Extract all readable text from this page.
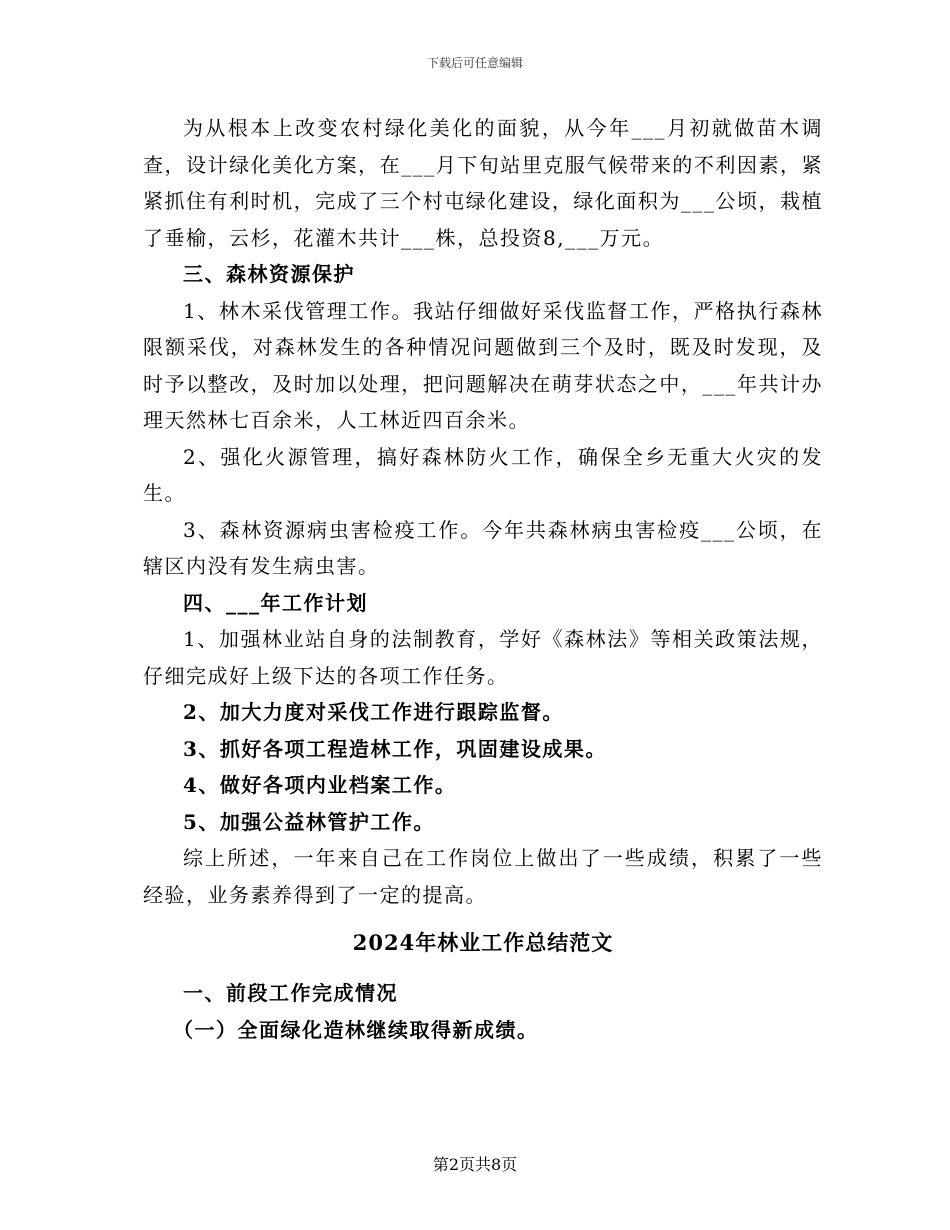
下载后可任意编辑

为从根本上改变农村绿化美化的面貌，从今年___月初就做苗木调查，设计绿化美化方案，在___月下旬站里克服气候带来的不利因素，紧紧抓住有利时机，完成了三个村屯绿化建设，绿化面积为___公顷，栽植了垂榆，云杉，花灌木共计___株，总投资8,___万元。

三、森林资源保护

1、林木采伐管理工作。我站仔细做好采伐监督工作，严格执行森林限额采伐，对森林发生的各种情况问题做到三个及时，既及时发现，及时予以整改，及时加以处理，把问题解决在萌芽状态之中，___年共计办理天然林七百余米，人工林近四百余米。

2、强化火源管理，搞好森林防火工作，确保全乡无重大火灾的发生。

3、森林资源病虫害检疫工作。今年共森林病虫害检疫___公顷，在辖区内没有发生病虫害。

四、___年工作计划

1、加强林业站自身的法制教育，学好《森林法》等相关政策法规，仔细完成好上级下达的各项工作任务。

2、加大力度对采伐工作进行跟踪监督。

3、抓好各项工程造林工作，巩固建设成果。

4、做好各项内业档案工作。

5、加强公益林管护工作。

综上所述，一年来自己在工作岗位上做出了一些成绩，积累了一些经验，业务素养得到了一定的提高。

2024年林业工作总结范文

一、前段工作完成情况

（一）全面绿化造林继续取得新成绩。

第2页共8页
